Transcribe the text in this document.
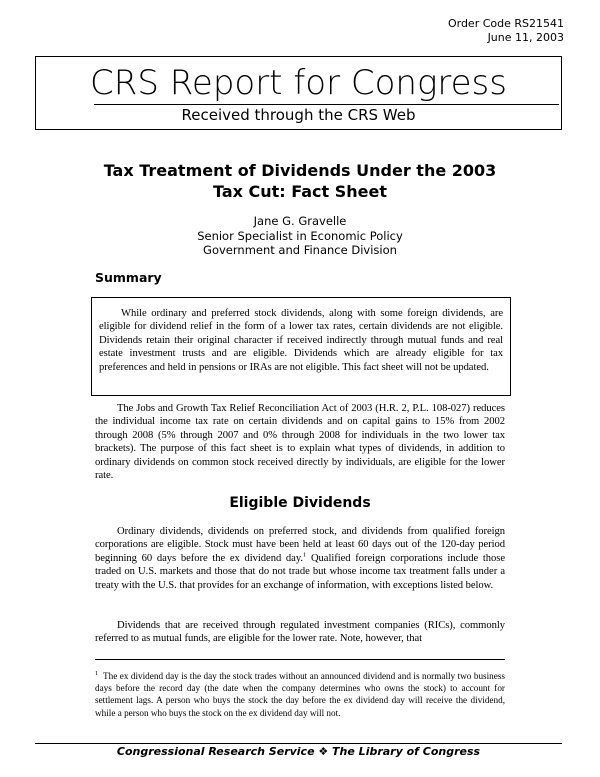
Order Code RS21541
June 11, 2003
CRS Report for Congress
Received through the CRS Web
Tax Treatment of Dividends Under the 2003
Tax Cut: Fact Sheet
Jane G. Gravelle
Senior Specialist in Economic Policy
Government and Finance Division
Summary
While ordinary and preferred stock dividends, along with some foreign dividends, are eligible for dividend relief in the form of a lower tax rates, certain dividends are not eligible. Dividends retain their original character if received indirectly through mutual funds and real estate investment trusts and are eligible. Dividends which are already eligible for tax preferences and held in pensions or IRAs are not eligible. This fact sheet will not be updated.

The Jobs and Growth Tax Relief Reconciliation Act of 2003 (H.R. 2, P.L. 108-027) reduces the individual income tax rate on certain dividends and on capital gains to 15% from 2002 through 2008 (5% through 2007 and 0% through 2008 for individuals in the two lower tax brackets). The purpose of this fact sheet is to explain what types of dividends, in addition to ordinary dividends on common stock received directly by individuals, are eligible for the lower rate.

Eligible Dividends

Ordinary dividends, dividends on preferred stock, and dividends from qualified foreign corporations are eligible. Stock must have been held at least 60 days out of the 120-day period beginning 60 days before the ex dividend day.$^1$ Qualified foreign corporations include those traded on U.S. markets and those that do not trade but whose income tax treatment falls under a treaty with the U.S. that provides for an exchange of information, with exceptions listed below.

Dividends that are received through regulated investment companies (RICs), commonly referred to as mutual funds, are eligible for the lower rate. Note, however, that

$^1$ The ex dividend day is the day the stock trades without an announced dividend and is normally two business days before the record day (the date when the company determines who owns the stock) to account for settlement lags. A person who buys the stock the day before the ex dividend day will receive the dividend, while a person who buys the stock on the ex dividend day will not.

Congressional Research Service ❖ The Library of Congress
